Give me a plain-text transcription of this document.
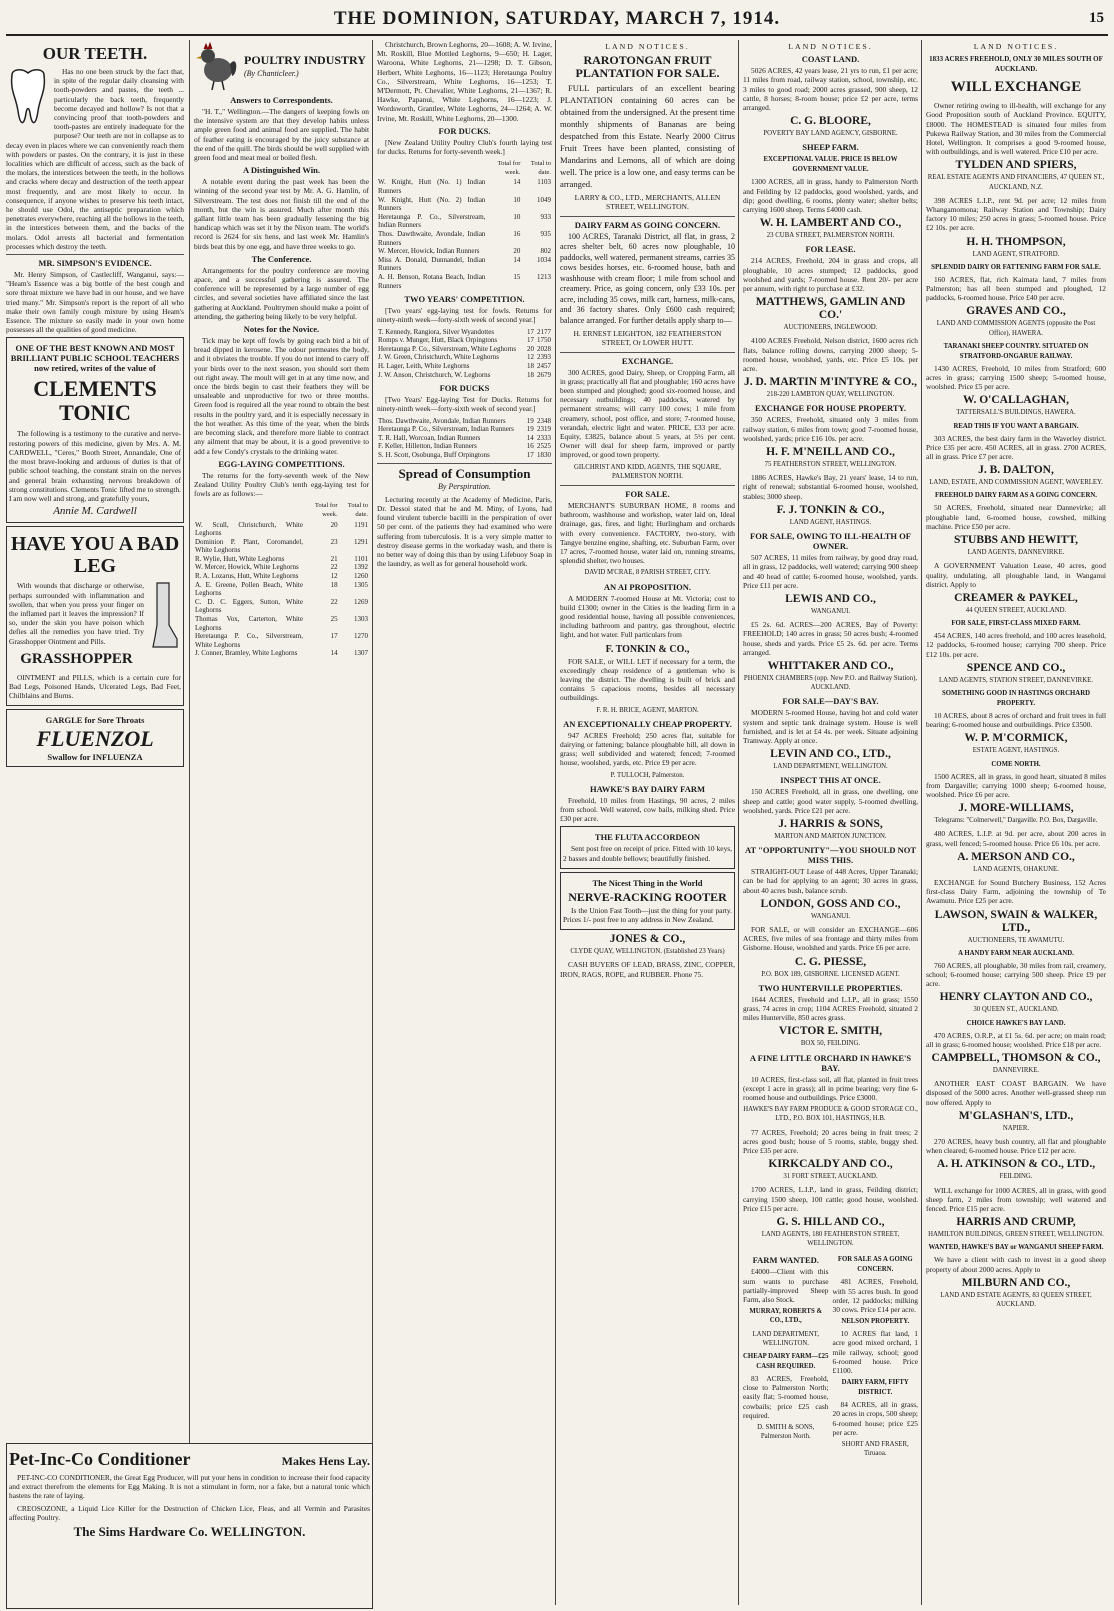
THE DOMINION, SATURDAY, MARCH 7, 1914.	15
OUR TEETH.
Has no one been struck by the fact that, in spite of the regular daily cleansing with tooth-powders and pastes, the teeth ... particularly the back teeth, frequently become decayed and hollow? Is not that a convincing proof that tooth-powders and tooth-pastes are entirely inadequate for the purpose? Our teeth are not in collapse as to decay even in places where we can conveniently reach them with powders or pastes. On the contrary, it is just in these localities which are difficult of access, such as the back of the molars, the interstices between the teeth, in the hollows and cracks where decay and destruction of the teeth appear most frequently, and are most likely to occur. In consequence, if anyone wishes to preserve his teeth intact, he should use Odol, the antiseptic preparation which penetrates everywhere, reaching all the hollows in the teeth, in the interstices between them, and the backs of the molars. Odol arrests all bacterial and fermentation processes which destroy the teeth.
MR. SIMPSON'S EVIDENCE.
Mr. Henry Simpson, of Castlecliff, Wanganui, says:— "Heam's Essence was a big bottle of the best cough and sore throat mixture we have had in our house, and we have tried many." Mr. Simpson's report is the report of all who make their own family cough mixture by using Heam's Essence. The mixture so easily made in your own home possesses all the qualities of good medicine.
ONE OF THE BEST KNOWN AND MOST BRILLIANT PUBLIC SCHOOL TEACHERS now retired, writes of the value of
CLEMENTS TONIC
The following is a testimony to the curative and nerve-restoring powers of this medicine, given by Mrs. A. M. CARDWELL, "Ceres," Booth Street, Annandale, One of the most brave-looking and arduous of duties is that of public school teaching, the constant strain on the nerves and general brain exhausting nervous breakdown of strong constitutions. Clements Tonic lifted me to strength. I am now well and strong, and gratefully yours,
Annie M. Cardwell
HAVE YOU A BAD LEG
With wounds that discharge or otherwise, perhaps surrounded with inflammation and swollen, that when you press your finger on the inflamed part it leaves the impression? If so, under the skin you have poison which defies all the remedies you have tried. Try Grasshopper Ointment and Pills.
GRASSHOPPER
OINTMENT and PILLS, which is a certain cure for Bad Legs, Poisoned Hands, Ulcerated Legs, Bad Feet, Chilblains and Burns.
GARGLE for Sore Throats
FLUENZOL
Swallow for INFLUENZA
POULTRY INDUSTRY
(By Chanticleer.)
Answers to Correspondents.
"H. T.," Wellington.—The dangers of keeping fowls on the intensive system are that they develop habits unless ample green food and animal food are supplied. The habit of feather eating is encouraged by the juicy substance at the end of the quill. The birds should be well supplied with green food and meat meal or boiled flesh.
A Distinguished Win.
A notable event during the past week has been the winning of the second year test by Mr. A. G. Hamlin, of Silverstream. The test does not finish till the end of the month, but the win is assured. Much after month this gallant little team has been gradually lessening the big handicap which was set it by the Nixon team. The world's record is 2624 for six hens, and last week Mr. Hamlin's birds beat this by one egg, and have three weeks to go.
The Conference.
Arrangements for the poultry conference are moving apace, and a successful gathering is assured. The conference will be represented by a large number of egg circles, and several societies have affiliated since the last gathering at Auckland. Poultrymen should make a point of attending, the gathering being likely to be very helpful.
Notes for the Novice.
Tick may be kept off fowls by going each bird a bit of bread dipped in kerosene. The odour permeates the body, and it obviates the trouble. If you do not intend to carry off your birds over to the next season, you should sort them out right away. The moult will get in at any time now, and once the birds begin to cast their feathers they will be unsaleable and unproductive for two or three months. Green food is required all the year round to obtain the best results in the poultry yard, and it is especially necessary in the hot weather. As this time of the year, when the birds are becoming slack, and therefore more liable to contract any ailment that may be about, it is a good preventive to add a few Condy's crystals to the drinking water.
EGG-LAYING COMPETITIONS.
The returns for the forty-seventh week of the New Zealand Utility Poultry Club's tenth egg-laying test for fowls are as follows:—
	Total for week.	Total to date.
W. Scull, Christchurch, White Leghorns	20	1191
Dominion P. Plant, Coromandel, White Leghorns	23	1291
R. Wylie, Hutt, White Leghorns	21	1101
W. Mercer, Howick, White Leghorns	22	1392
R. A. Lozarus, Hutt, White Leghorns	12	1260
A. E. Greene, Pollen Beach, White Leghorns	18	1305
C. D. C. Eggers, Sutton, White Leghorns	22	1269
Thomas Vox, Carterton, White Leghorns	25	1303
Heretaunga P. Co., Silverstream, White Leghorns	17	1270
J. Conner, Bramley, White Leghorns	14	1307
Christchurch, Brown Leghorns, 20—1608; A. W. Irvine, Mt. Roskill, Blue Mottled Leghorns, 9—650; H. Lager, Waroona, White Leghorns, 21—1298; D. T. Gibson, Herbert, White Leghorns, 16—1123; Heretaunga Poultry Co., Silverstream, White Leghorns, 16—1253; T. M'Dermott, Pt. Chevalier, White Leghorns, 21—1367; R. Hawke, Papanui, White Leghorns, 16—1223; J. Wordsworth, Grantlee, White Leghorns, 24—1264; A. W. Irvine, Mt. Roskill, White Leghorns, 20—1300.
FOR DUCKS.
[New Zealand Utility Poultry Club's fourth laying test for ducks. Returns for forty-seventh week.]
	Total for week.	Total to date.
W. Knight, Hutt (No. 1) Indian Runners	14	1103
W. Knight, Hutt (No. 2) Indian Runners	10	1049
Heretaunga P. Co., Silverstream, Indian Runners	10	933
Thos. Dawthwaite, Avondale, Indian Runners	16	935
W. Mercer, Howick, Indian Runners	20	802
Miss A. Donald, Dunnandel, Indian Runners	14	1034
A. H. Benson, Rotana Beach, Indian Runners	15	1213
TWO YEARS' COMPETITION.
[Two years' egg-laying test for fowls. Returns for ninety-ninth week—forty-sixth week of second year.]
T. Kennedy, Rangiora, Silver Wyandottes	17	2177
Romps v. Munger, Hutt, Black Orpingtons	17	1750
Heretaunga P. Co., Silverstream, White Leghorns	20	2028
J. W. Green, Christchurch, White Leghorns	12	2393
H. Lager, Leith, White Leghorns	18	2457
J. W. Anson, Christchurch, W. Leghorns	18	2679
FOR DUCKS
[Two Years' Egg-laying Test for Ducks. Returns for ninety-ninth week—forty-sixth week of second year.]
Thos. Dawthwaite, Avondale, Indian Runners	19	2348
Heretaunga P. Co., Silverstream, Indian Runners	19	2319
T. R. Hall, Worcoan, Indian Runners	14	2333
F. Keller, Hilletton, Indian Runners	16	2525
S. H. Scott, Osobunga, Buff Orpingtons	17	1830
Spread of Consumption
By Perspiration.
Lecturing recently at the Academy of Medicine, Paris, Dr. Dessoi stated that he and M. Miny, of Lyons, had found virulent tubercle bacilli in the perspiration of over 50 per cent. of the patients they had examined who were suffering from tuberculosis. It is a very simple matter to destroy disease germs in the workaday wash, and there is no better way of doing this than by using Lifebuoy Soap in the laundry, as well as for general household work.
LAND NOTICES.
RAROTONGAN FRUIT PLANTATION FOR SALE.
FULL particulars of an excellent bearing PLANTATION containing 60 acres can be obtained from the undersigned. At the present time monthly shipments of Bananas are being despatched from this Estate. Nearly 2000 Citrus Fruit Trees have been planted, consisting of Mandarins and Lemons, all of which are doing well. The price is a low one, and easy terms can be arranged.
LARRY & CO., LTD., MERCHANTS, ALLEN STREET, WELLINGTON.
DAIRY FARM AS GOING CONCERN.
100 ACRES, Taranaki District, all flat, in grass, 2 acres shelter belt, 60 acres now ploughable, 10 paddocks, well watered, permanent streams, carries 35 cows besides horses, etc. 6-roomed house, bath and washhouse with cream floor; 1 mile from school and creamery. Price, as going concern, only £33 10s. per acre, including 35 cows, milk cart, harness, milk-cans, and 36 factory shares. Only £600 cash required; balance arranged. For further details apply sharp to—
H. ERNEST LEIGHTON, 182 FEATHERSTON STREET, Or LOWER HUTT.
EXCHANGE.
300 ACRES, good Dairy, Sheep, or Cropping Farm, all in grass; practically all flat and ploughable; 160 acres have been stumped and ploughed; good six-roomed house, and necessary outbuildings; 40 paddocks, watered by permanent streams; will carry 100 cows; 1 mile from creamery, school, post office, and store; 7-roomed house, verandah, electric light and water. PRICE, £33 per acre. Equity, £3825, balance about 5 years, at 5½ per cent. Owner will deal for sheep farm, improved or partly improved, or good town property.
GILCHRIST AND KIDD, AGENTS, THE SQUARE, PALMERSTON NORTH.
FOR SALE.
MERCHANT'S SUBURBAN HOME, 8 rooms and bathroom, washhouse and workshop, water laid on, Ideal drainage, gas, fires, and light; Hurlingham and orchards with every convenience. FACTORY, two-story, with Tangye benzine engine, shafting, etc. Suburban Farm, over 17 acres, 7-roomed house, water laid on, running streams, splendid shelter, two houses.
DAVID M'CRAE, 8 PARISH STREET, CITY.
AN AI PROPOSITION.
A MODERN 7-roomed House at Mt. Victoria; cost to build £1300; owner in the Cities is the leading firm in a good residential house, having all possible conveniences, including bathroom and pantry, gas throughout, electric light, and hot water. Full particulars from
F. TONKIN & CO.,
FOR SALE, or WILL LET if necessary for a term, the exceedingly cheap residence of a gentleman who is leaving the district. The dwelling is built of brick and contains 5 capacious rooms, besides all necessary outbuildings.
F. R. H. BRICE, AGENT, MARTON.
AN EXCEPTIONALLY CHEAP PROPERTY.
947 ACRES Freehold; 250 acres flat, suitable for dairying or fattening; balance ploughable hill, all down in grass; well subdivided and watered; fenced; 7-roomed house, woolshed, yards, etc. Price £9 per acre.
P. TULLOCH, Palmerston.
HAWKE'S BAY DAIRY FARM
Freehold, 10 miles from Hastings, 90 acres, 2 miles from school. Well watered, cow bails, milking shed. Price £30 per acre.
THE FLUTA ACCORDEON
Sent post free on receipt of price. Fitted with 10 keys, 2 basses and double bellows; beautifully finished.
The Nicest Thing in the World
NERVE-RACKING ROOTER
Is the Union Fast Tooth—just the thing for your party. Prices 1/- post free to any address in New Zealand.
JONES & CO.,
CLYDE QUAY, WELLINGTON. (Established 23 Years)
CASH BUYERS OF LEAD, BRASS, ZINC, COPPER, IRON, RAGS, ROPE, and RUBBER. Phone 75.
LAND NOTICES.
COAST LAND.
5026 ACRES, 42 years lease, 21 yrs to run, £1 per acre; 11 miles from road, railway station, school, township, etc. 3 miles to good road; 2000 acres grassed, 900 sheep, 12 cattle, 8 horses; 8-room house; price £2 per acre, terms arranged.
C. G. BLOORE,
POVERTY BAY LAND AGENCY, GISBORNE.
SHEEP FARM.
EXCEPTIONAL VALUE. PRICE IS BELOW GOVERNMENT VALUE.
1300 ACRES, all in grass, handy to Palmerston North and Feilding by 12 paddocks, good woolshed, yards, and dip; good dwelling, 6 rooms, plenty water; shelter belts; carrying 1600 sheep. Terms £4000 cash.
W. H. LAMBERT AND CO.,
23 CUBA STREET, PALMERSTON NORTH.
FOR LEASE.
214 ACRES, Freehold, 204 in grass and crops, all ploughable, 10 acres stumped; 12 paddocks, good woolshed and yards; 7-roomed house. Rent 20/- per acre per annum, with right to purchase at £32.
MATTHEWS, GAMLIN AND CO.'
AUCTIONEERS, INGLEWOOD.
4100 ACRES Freehold, Nelson district, 1600 acres rich flats, balance rolling downs, carrying 2000 sheep; 5-roomed house, woolshed, yards, etc. Price £5 10s. per acre.
J. D. MARTIN M'INTYRE & CO.,
218-220 LAMBTON QUAY, WELLINGTON.
EXCHANGE FOR HOUSE PROPERTY.
350 ACRES, Freehold, situated only 3 miles from railway station, 6 miles from town; good 7-roomed house, woolshed, yards; price £16 10s. per acre.
H. F. M'NEILL AND CO.,
75 FEATHERSTON STREET, WELLINGTON.
1886 ACRES, Hawke's Bay, 21 years' lease, 14 to run, right of renewal; substantial 6-roomed house, woolshed, stables; 3000 sheep.
F. J. TONKIN & CO.,
LAND AGENT, HASTINGS.
FOR SALE, OWING TO ILL-HEALTH OF OWNER.
507 ACRES, 11 miles from railway, by good dray road, all in grass, 12 paddocks, well watered; carrying 900 sheep and 40 head of cattle; 6-roomed house, woolshed, yards. Price £11 per acre.
LEWIS AND CO.,
WANGANUI.
£5 2s. 6d. ACRES—200 ACRES, Bay of Poverty: FREEHOLD; 140 acres in grass; 50 acres bush; 4-roomed house, sheds and yards. Price £5 2s. 6d. per acre. Terms arranged.
WHITTAKER AND CO.,
PHOENIX CHAMBERS (opp. New P.O. and Railway Station), AUCKLAND.
FOR SALE—DAY'S BAY.
MODERN 5-roomed House, having hot and cold water system and septic tank drainage system. House is well furnished, and is let at £4 4s. per week. Situate adjoining Tramway. Apply at once.
LEVIN AND CO., LTD.,
LAND DEPARTMENT, WELLINGTON.
INSPECT THIS AT ONCE.
150 ACRES Freehold, all in grass, one dwelling, one sheep and cattle; good water supply, 5-roomed dwelling, woolshed, yards. Price £21 per acre.
J. HARRIS & SONS,
MARTON AND MARTON JUNCTION.
AT "OPPORTUNITY"—YOU SHOULD NOT MISS THIS.
STRAIGHT-OUT Lease of 448 Acres, Upper Taranaki; can be had for applying to an agent; 30 acres in grass, about 40 acres bush, balance scrub.
LONDON, GOSS AND CO.,
WANGANUI.
FOR SALE, or will consider an EXCHANGE—606 ACRES, five miles of sea frontage and thirty miles from Gisborne. House, woolshed and yards. Price £6 per acre.
C. G. PIESSE,
P.O. BOX 189, GISBORNE. LICENSED AGENT.
TWO HUNTERVILLE PROPERTIES.
1644 ACRES, Freehold and L.I.P., all in grass; 1550 grass, 74 acres in crop; 1104 ACRES Freehold, situated 2 miles Hunterville, 850 acres grass.
VICTOR E. SMITH,
BOX 50, FEILDING.
A FINE LITTLE ORCHARD IN HAWKE'S BAY.
10 ACRES, first-class soil, all flat, planted in fruit trees (except 1 acre in grass); all in prime bearing; very fine 6-roomed house and outbuildings. Price £3000.
HAWKE'S BAY FARM PRODUCE & GOOD STORAGE CO., LTD., P.O. BOX 101, HASTINGS, H.B.
77 ACRES, Freehold; 20 acres being in fruit trees; 2 acres good bush; house of 5 rooms, stable, buggy shed. Price £35 per acre.
KIRKCALDY AND CO.,
31 FORT STREET, AUCKLAND.
1700 ACRES, L.I.P., land in grass, Feilding district; carrying 1500 sheep, 100 cattle; good house, woolshed. Price £15 per acre.
G. S. HILL AND CO.,
LAND AGENTS, 180 FEATHERSTON STREET, WELLINGTON.
FARM WANTED.
£4000—Client with this sum wants to purchase partially-improved Sheep Farm, also Stock.
MURRAY, ROBERTS & CO., LTD.,
LAND DEPARTMENT, WELLINGTON.
CHEAP DAIRY FARM—£25 CASH REQUIRED.
83 ACRES, Freehold, close to Palmerston North; easily flat; 5-roomed house, cowbails; price £25 cash required.
D. SMITH & SONS, Palmerston North.
FOR SALE AS A GOING CONCERN.
481 ACRES, Freehold, with 55 acres bush. In good order, 12 paddocks; milking 30 cows. Price £14 per acre.
NELSON PROPERTY.
10 ACRES flat land, 1 acre good mixed orchard, 1 mile railway, school; good 6-roomed house. Price £1100.
DAIRY FARM, FIFTY DISTRICT.
84 ACRES, all in grass, 20 acres in crops, 500 sheep; 6-roomed house; price £25 per acre.
SHORT AND FRASER, Tiruaoa.
LAND NOTICES.
1833 ACRES FREEHOLD, ONLY 30 MILES SOUTH OF AUCKLAND.
WILL EXCHANGE
Owner retiring owing to ill-health, will exchange for any Good Proposition south of Auckland Province. EQUITY, £8000. The HOMESTEAD is situated four miles from Pukewa Railway Station, and 30 miles from the Commercial Hotel, Wellington. It comprises a good 9-roomed house, with outbuildings, and is well watered. Price £10 per acre.
TYLDEN AND SPIERS,
REAL ESTATE AGENTS AND FINANCIERS, 47 QUEEN ST., AUCKLAND, N.Z.
398 ACRES L.I.P., rent 9d. per acre; 12 miles from Whangamomona; Railway Station and Township; Dairy factory 10 miles; 250 acres in grass; 5-roomed house. Price £2 10s. per acre.
H. H. THOMPSON,
LAND AGENT, STRATFORD.
SPLENDID DAIRY OR FATTENING FARM FOR SALE.
160 ACRES, flat, rich Kaimata land, 7 miles from Palmerston; has all been stumped and ploughed, 12 paddocks, 6-roomed house. Price £40 per acre.
GRAVES AND CO.,
LAND AND COMMISSION AGENTS (opposite the Post Office), HAWERA.
TARANAKI SHEEP COUNTRY. SITUATED ON STRATFORD-ONGARUE RAILWAY.
1430 ACRES, Freehold, 10 miles from Stratford; 600 acres in grass; carrying 1500 sheep; 5-roomed house, woolshed. Price £5 per acre.
W. O'CALLAGHAN,
TATTERSALL'S BUILDINGS, HAWERA.
READ THIS IF YOU WANT A BARGAIN.
303 ACRES, the best dairy farm in the Waverley district. Price £35 per acre. 450 ACRES, all in grass. 2700 ACRES, all in grass. Price £7 per acre.
J. B. DALTON,
LAND, ESTATE, AND COMMISSION AGENT, WAVERLEY.
FREEHOLD DAIRY FARM AS A GOING CONCERN.
50 ACRES, Freehold, situated near Dannevirke; all ploughable land, 6-roomed house, cowshed, milking machine. Price £50 per acre.
STUBBS AND HEWITT,
LAND AGENTS, DANNEVIRKE.
A GOVERNMENT Valuation Lease, 40 acres, good quality, undulating, all ploughable land, in Wanganui district. Apply to
CREAMER & PAYKEL,
44 QUEEN STREET, AUCKLAND.
FOR SALE, FIRST-CLASS MIXED FARM.
454 ACRES, 140 acres freehold, and 100 acres leasehold, 12 paddocks, 6-roomed house; carrying 700 sheep. Price £12 10s. per acre.
SPENCE AND CO.,
LAND AGENTS, STATION STREET, DANNEVIRKE.
SOMETHING GOOD IN HASTINGS ORCHARD PROPERTY.
10 ACRES, about 8 acres of orchard and fruit trees in full bearing; 6-roomed house and outbuildings. Price £3500.
W. P. M'CORMICK,
ESTATE AGENT, HASTINGS.
COME NORTH.
1500 ACRES, all in grass, in good heart, situated 8 miles from Dargaville; carrying 1000 sheep; 6-roomed house, woolshed. Price £6 per acre.
J. MORE-WILLIAMS,
Telegrams: "Colmerwell," Dargaville. P.O. Box, Dargaville.
480 ACRES, L.I.P. at 9d. per acre, about 200 acres in grass, well fenced; 5-roomed house. Price £6 10s. per acre.
A. MERSON AND CO.,
LAND AGENTS, OHAKUNE.
EXCHANGE for Sound Butchery Business, 152 Acres first-class Dairy Farm, adjoining the township of Te Awamutu. Price £25 per acre.
LAWSON, SWAIN & WALKER, LTD.,
AUCTIONEERS, TE AWAMUTU.
A HANDY FARM NEAR AUCKLAND.
760 ACRES, all ploughable, 30 miles from rail, creamery, school; 6-roomed house; carrying 500 sheep. Price £9 per acre.
HENRY CLAYTON AND CO.,
30 QUEEN ST., AUCKLAND.
CHOICE HAWKE'S BAY LAND.
470 ACRES, O.R.P., at £1 5s. 6d. per acre; on main road; all in grass; 6-roomed house; woolshed. Price £18 per acre.
CAMPBELL, THOMSON & CO.,
DANNEVIRKE.
ANOTHER EAST COAST BARGAIN. We have disposed of the 5000 acres. Another well-grassed sheep run now offered. Apply to
M'GLASHAN'S, LTD.,
NAPIER.
270 ACRES, heavy bush country, all flat and ploughable when cleared; 6-roomed house. Price £12 per acre.
A. H. ATKINSON & CO., LTD.,
FEILDING.
WILL exchange for 1000 ACRES, all in grass, with good sheep farm, 2 miles from township; well watered and fenced. Price £15 per acre.
HARRIS AND CRUMP,
HAMILTON BUILDINGS, GREEN STREET, WELLINGTON.
WANTED, HAWKE'S BAY or WANGANUI SHEEP FARM.
We have a client with cash to invest in a good sheep property of about 2000 acres. Apply to
MILBURN AND CO.,
LAND AND ESTATE AGENTS, 83 QUEEN STREET, AUCKLAND.
Pet-Inc-Co Conditioner	Makes Hens Lay.
PET-INC-CO CONDITIONER, the Great Egg Producer, will put your hens in condition to increase their food capacity and extract therefrom the elements for Egg Making. It is not a stimulant in form, nor a fake, but a natural tonic which hastens the rate of laying.
CREOSOZONE, a Liquid Lice Killer for the Destruction of Chicken Lice, Fleas, and all Vermin and Parasites affecting Poultry.
The Sims Hardware Co. WELLINGTON.
